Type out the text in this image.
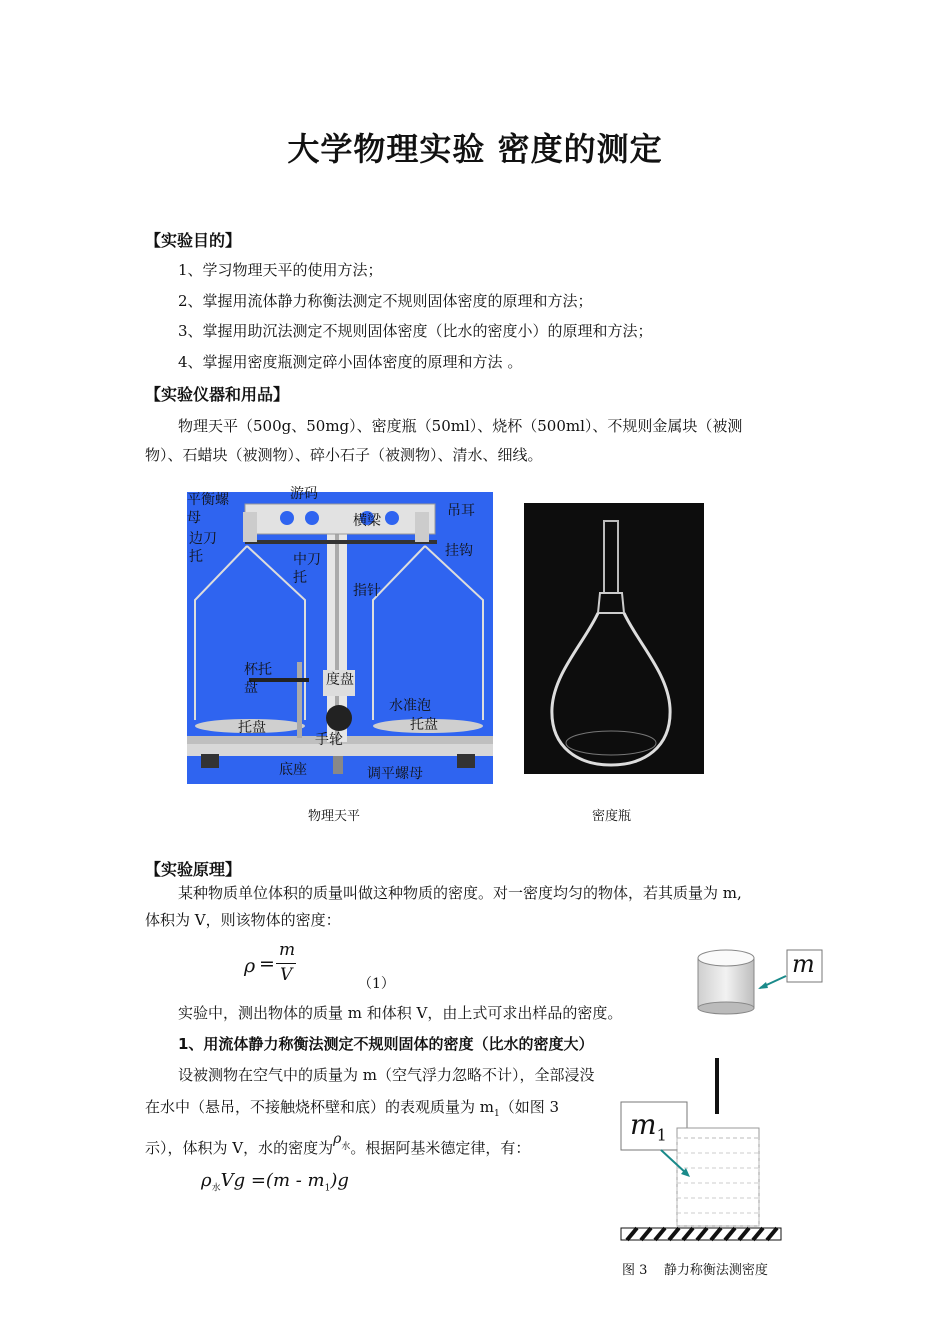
大学物理实验 密度的测定
【实验目的】
1、学习物理天平的使用方法；
2、掌握用流体静力称衡法测定不规则固体密度的原理和方法；
3、掌握用助沉法测定不规则固体密度（比水的密度小）的原理和方法；
4、掌握用密度瓶测定碎小固体密度的原理和方法 。
【实验仪器和用品】
物理天平（500g、50mg）、密度瓶（50ml）、烧杯（500ml）、不规则金属块（被测
物）、石蜡块（被测物）、碎小石子（被测物）、清水、细线。
平衡螺
母
游码
横梁
吊耳
边刀
托	中刀
托
挂钩
指针
杯托
盘	度盘
水准泡
托盘	托盘
手轮
底座	调平螺母
物理天平	密度瓶
【实验原理】
某种物质单位体积的质量叫做这种物质的密度。对一密度均匀的物体，若其质量为 m,
体积为 V，则该物体的密度：
ρ =
m
V	（1）
实验中，测出物体的质量 m 和体积 V，由上式可求出样品的密度。
1、用流体静力称衡法测定不规则固体的密度（比水的密度大）
设被测物在空气中的质量为 m（空气浮力忽略不计），全部浸没
在水中（悬吊，不接触烧杯壁和底）的表观质量为 $m_1$（如图 3
示），体积为 V，水的密度为$\rho_水$。根据阿基米德定律，有：
$\rho_水Vg =(m - m_1)g$
m
$m_1$
图 3    静力称衡法测密度
